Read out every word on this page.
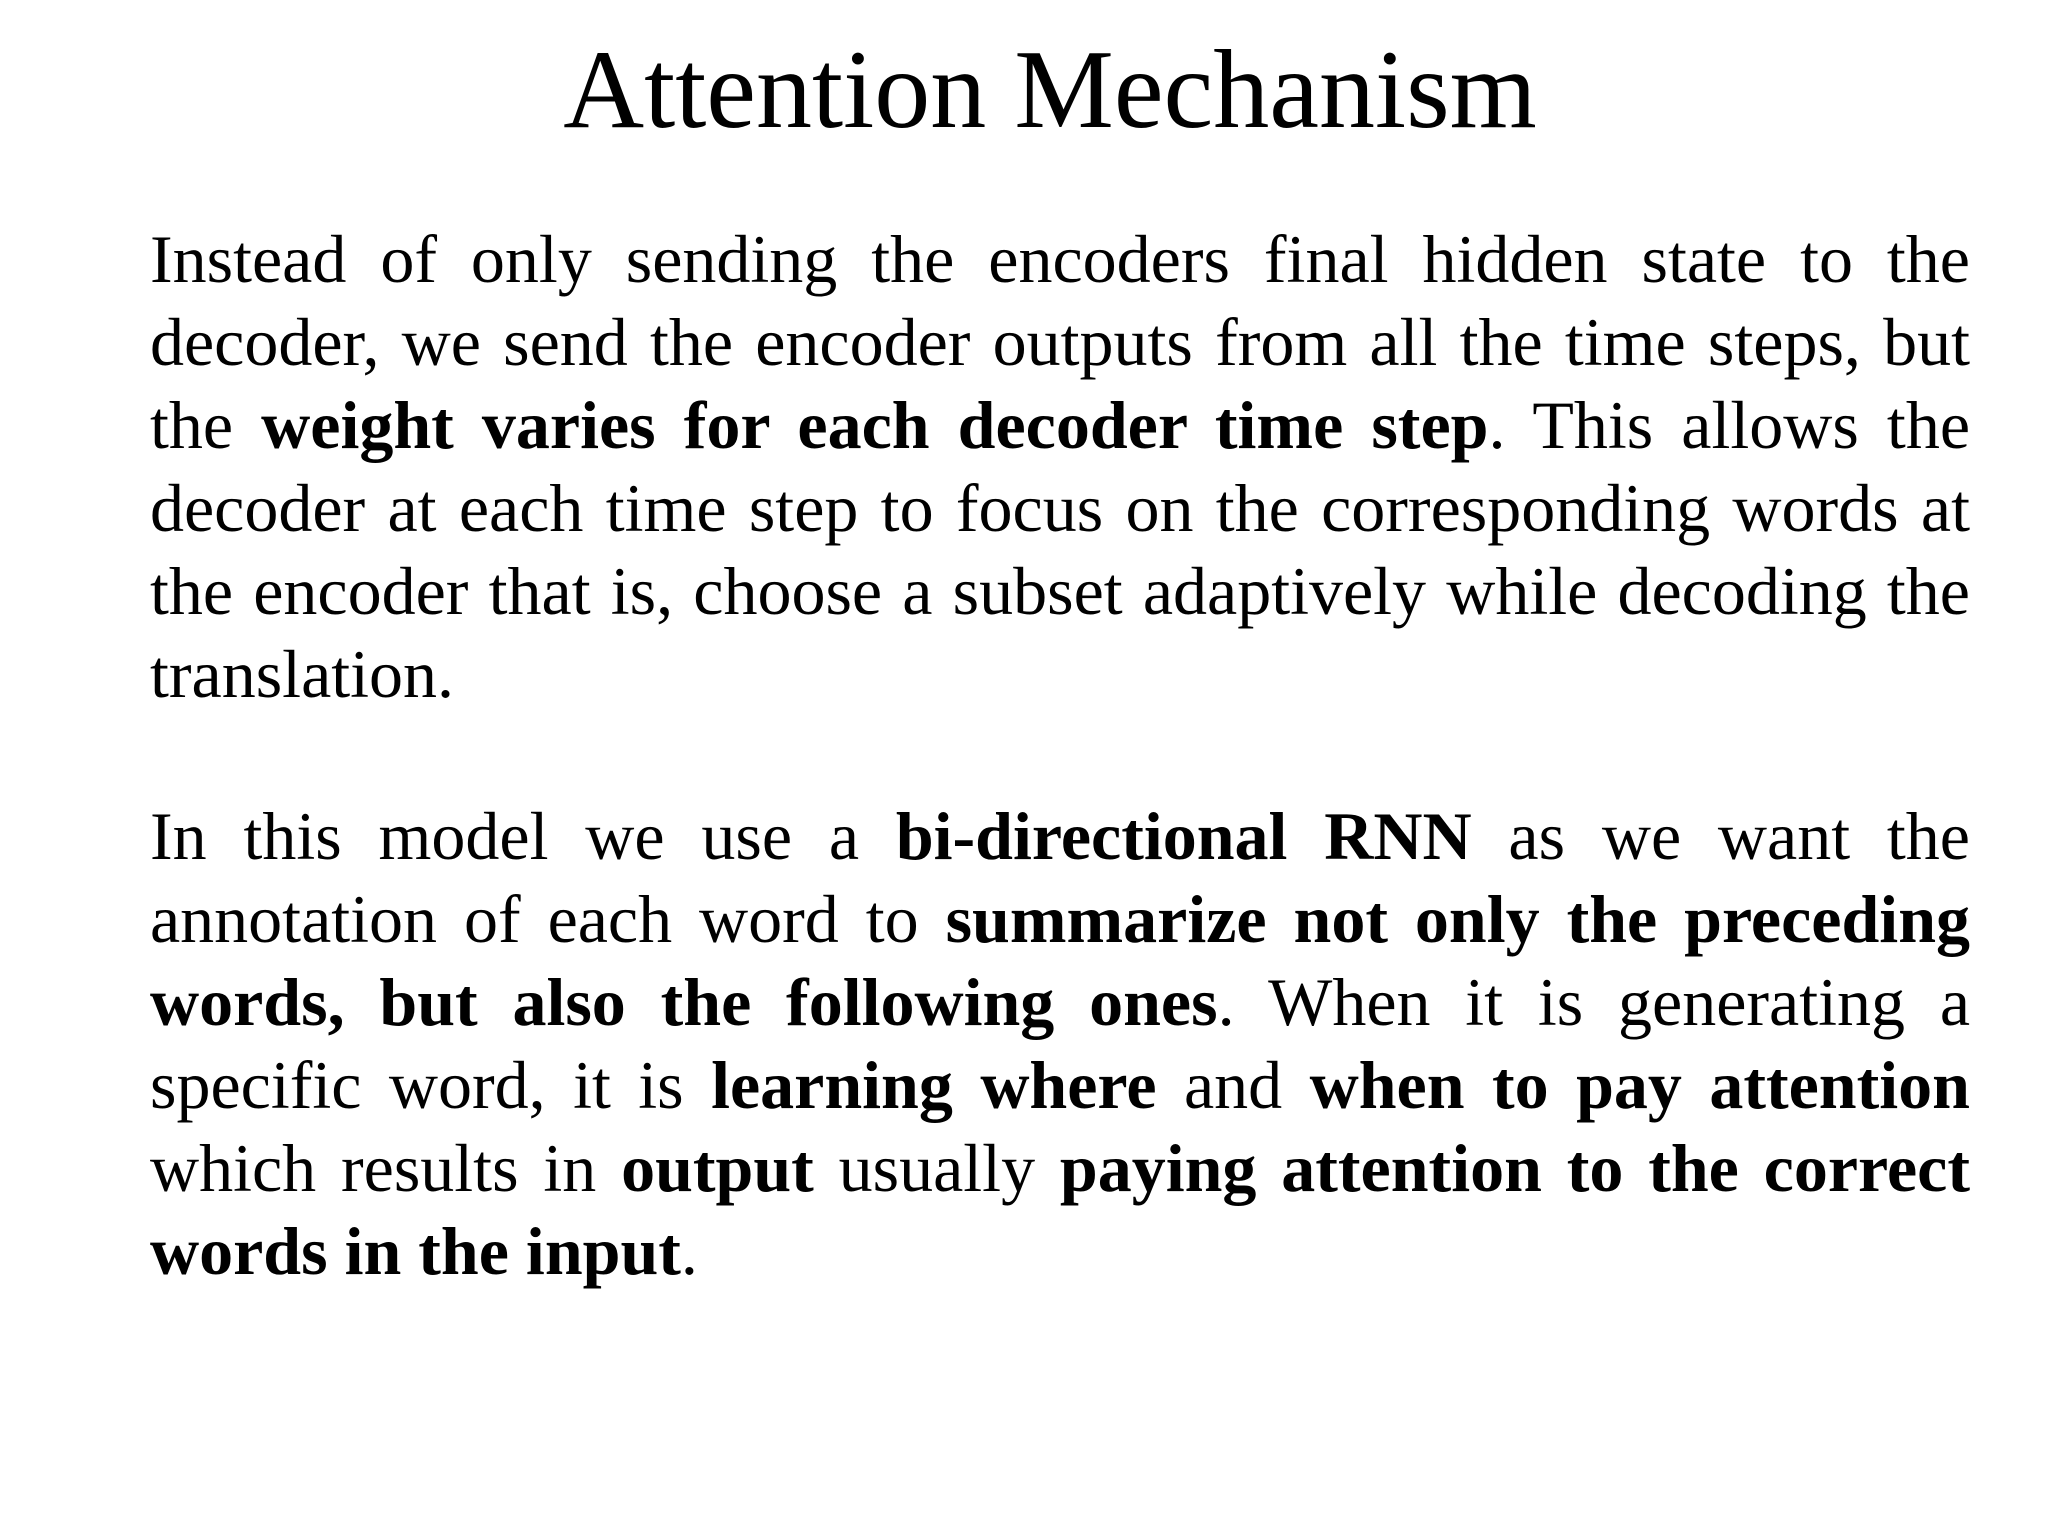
Attention Mechanism

Instead of only sending the encoders final hidden state to the decoder, we send the encoder outputs from all the time steps, but the weight varies for each decoder time step. This allows the decoder at each time step to focus on the corresponding words at the encoder that is, choose a subset adaptively while decoding the translation.

In this model we use a bi-directional RNN as we want the annotation of each word to summarize not only the preceding words, but also the following ones. When it is generating a specific word, it is learning where and when to pay attention which results in output usually paying attention to the correct words in the input.
